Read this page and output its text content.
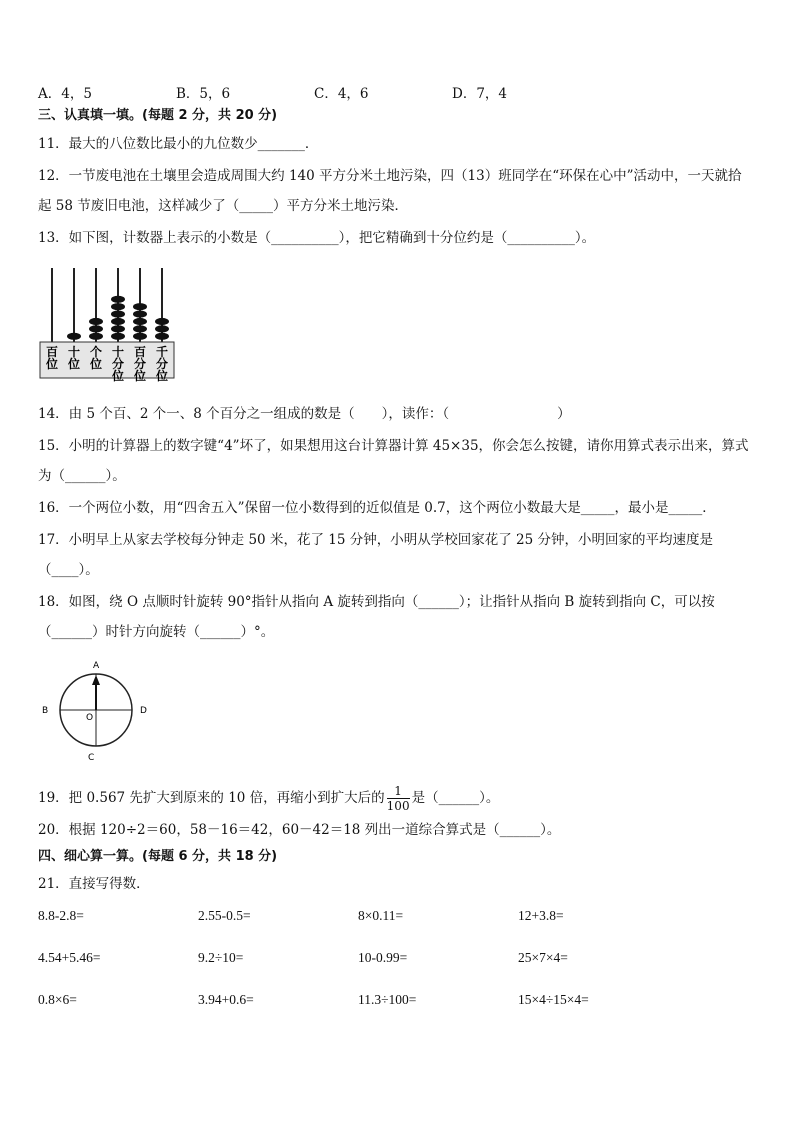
A．4，5	B．5，6	C．4，6	D．7，4
三、认真填一填。(每题 2 分，共 20 分)
11．最大的八位数比最小的九位数少_______．
12．一节废电池在土壤里会造成周围大约 140 平方分米土地污染，四（13）班同学在“环保在心中”活动中，一天就拾
起 58 节废旧电池，这样减少了（_____）平方分米土地污染．
13．如下图，计数器上表示的小数是（__________），把它精确到十分位约是（__________）。
百
位
十
位
个
位
十
分
位
百
分
位
千
分
位
14．由 5 个百、2 个一、8 个百分之一组成的数是（　　），读作：（　　　　　　　　）
15．小明的计算器上的数字键“4”坏了，如果想用这台计算器计算 45×35，你会怎么按键，请你用算式表示出来，算式
为（______）。
16．一个两位小数，用“四舍五入”保留一位小数得到的近似值是 0.7，这个两位小数最大是_____，最小是_____．
17．小明早上从家去学校每分钟走 50 米，花了 15 分钟，小明从学校回家花了 25 分钟，小明回家的平均速度是
（____）。
18．如图，绕 O 点顺时针旋转 90°指针从指向 A 旋转到指向（______）；让指针从指向 B 旋转到指向 C，可以按
（______）时针方向旋转（______）°。
A
B
C
D
O
19．把 0.567 先扩大到原来的 10 倍，再缩小到扩大后的 $\frac{1}{100}$ 是（______）。
20．根据 120÷2＝60，58－16＝42，60－42＝18 列出一道综合算式是（______）。
四、细心算一算。(每题 6 分，共 18 分)
21．直接写得数．
8.8-2.8=	2.55-0.5=	8×0.11=	12+3.8=
4.54+5.46=	9.2÷10=	10-0.99=	25×7×4=
0.8×6=	3.94+0.6=	11.3÷100=	15×4÷15×4=
